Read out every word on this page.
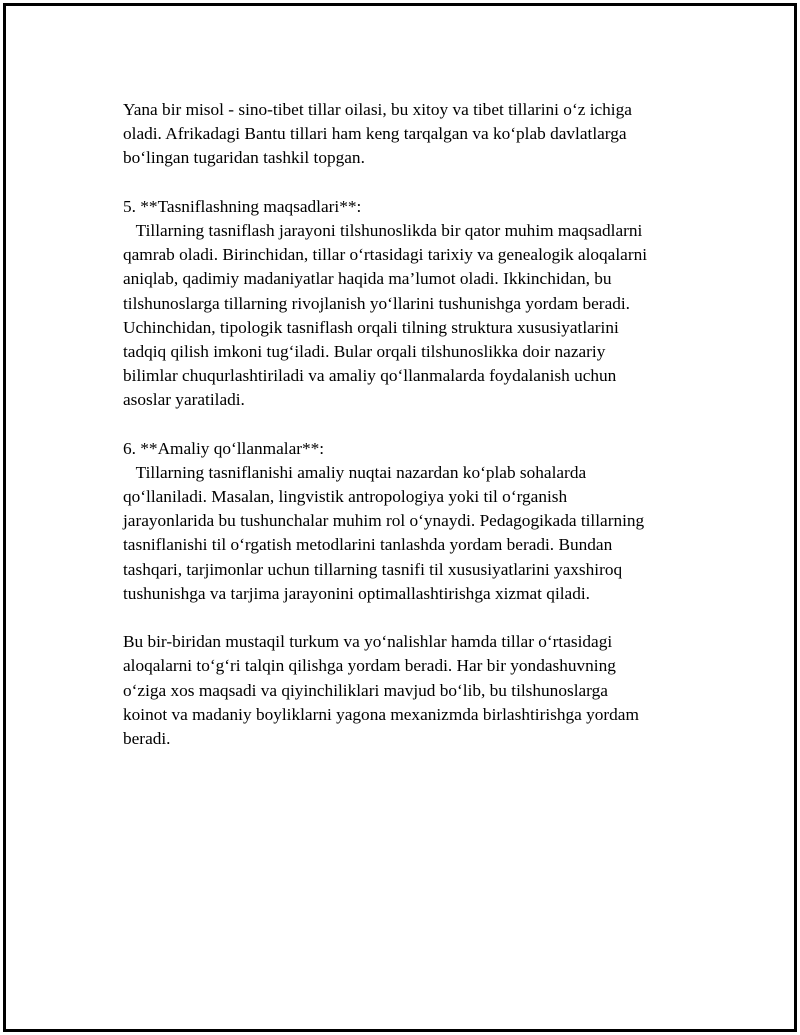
Yana bir misol - sino-tibet tillar oilasi, bu xitoy va tibet tillarini o‘z ichiga
oladi. Afrikadagi Bantu tillari ham keng tarqalgan va ko‘plab davlatlarga
bo‘lingan tugaridan tashkil topgan.
5. **Tasniflashning maqsadlari**:
Tillarning tasniflash jarayoni tilshunoslikda bir qator muhim maqsadlarni
qamrab oladi. Birinchidan, tillar o‘rtasidagi tarixiy va genealogik aloqalarni
aniqlab, qadimiy madaniyatlar haqida ma’lumot oladi. Ikkinchidan, bu
tilshunoslarga tillarning rivojlanish yo‘llarini tushunishga yordam beradi.
Uchinchidan, tipologik tasniflash orqali tilning struktura xususiyatlarini
tadqiq qilish imkoni tug‘iladi. Bular orqali tilshunoslikka doir nazariy
bilimlar chuqurlashtiriladi va amaliy qo‘llanmalarda foydalanish uchun
asoslar yaratiladi.
6. **Amaliy qo‘llanmalar**:
Tillarning tasniflanishi amaliy nuqtai nazardan ko‘plab sohalarda
qo‘llaniladi. Masalan, lingvistik antropologiya yoki til o‘rganish
jarayonlarida bu tushunchalar muhim rol o‘ynaydi. Pedagogikada tillarning
tasniflanishi til o‘rgatish metodlarini tanlashda yordam beradi. Bundan
tashqari, tarjimonlar uchun tillarning tasnifi til xususiyatlarini yaxshiroq
tushunishga va tarjima jarayonini optimallashtirishga xizmat qiladi.
Bu bir-biridan mustaqil turkum va yo‘nalishlar hamda tillar o‘rtasidagi
aloqalarni to‘g‘ri talqin qilishga yordam beradi. Har bir yondashuvning
o‘ziga xos maqsadi va qiyinchiliklari mavjud bo‘lib, bu tilshunoslarga
koinot va madaniy boyliklarni yagona mexanizmda birlashtirishga yordam
beradi.
